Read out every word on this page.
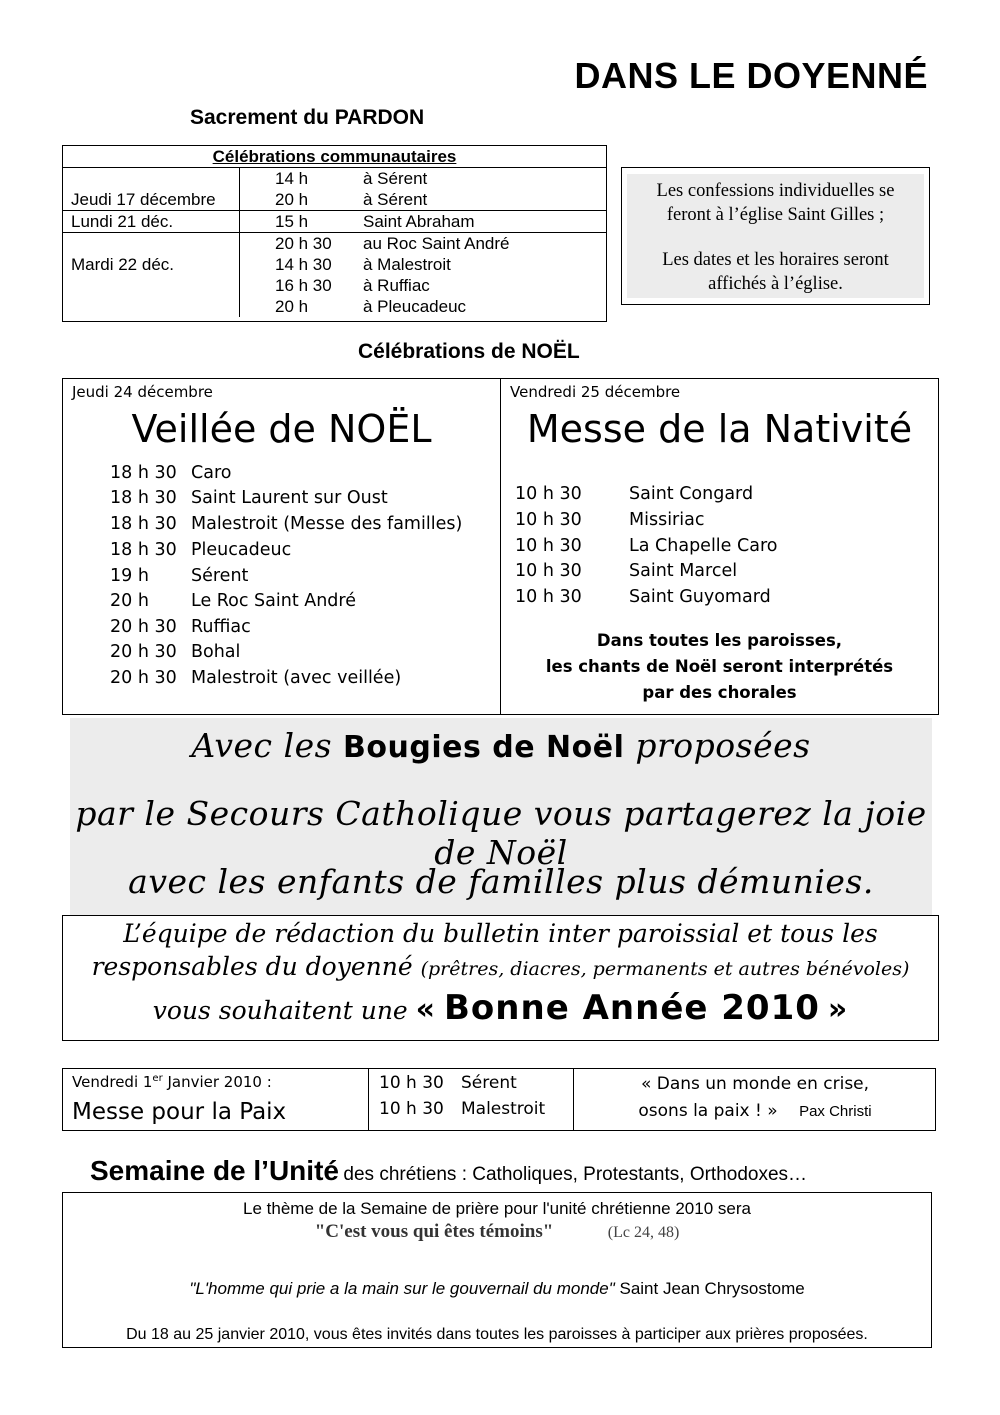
DANS LE DOYENNÉ
Sacrement du PARDON
Célébrations communautaires		
	14 h	à Sérent
Jeudi 17 décembre	20 h	à Sérent
Lundi 21 déc.	15 h	Saint Abraham
	20 h 30	au Roc Saint André
Mardi 22 déc.	14 h 30	à Malestroit
	16 h 30	à Ruffiac
	20 h	à Pleucadeuc
Les confessions individuelles se
feront à l’église Saint Gilles ;
Les dates et les horaires seront
affichés à l’église.
Célébrations de NOËL
Jeudi 24 décembre
Veillée de NOËL
18 h 30 Caro
18 h 30 Saint Laurent sur Oust
18 h 30 Malestroit (Messe des familles)
18 h 30 Pleucadeuc
19 h Sérent
20 h Le Roc Saint André
20 h 30 Ruffiac
20 h 30 Bohal
20 h 30 Malestroit (avec veillée)
Vendredi 25 décembre
Messe de la Nativité
10 h 30	Saint Congard
10 h 30	Missiriac
10 h 30	La Chapelle Caro
10 h 30	Saint Marcel
10 h 30	Saint Guyomard
Dans toutes les paroisses,
les chants de Noël seront interprétés
par des chorales
Avec les Bougies de Noël proposées
par le Secours Catholique vous partagerez la joie de Noël
avec les enfants de familles plus démunies.
L’équipe de rédaction du bulletin inter paroissial et tous les
responsables du doyenné (prêtres, diacres, permanents et autres bénévoles)
vous souhaitent une « Bonne Année 2010 »
Vendredi 1er Janvier 2010 :
Messe pour la Paix
10 h 30 Sérent
10 h 30 Malestroit
« Dans un monde en crise,
osons la paix ! » Pax Christi
Semaine de l’Unité des chrétiens : Catholiques, Protestants, Orthodoxes…
Le thème de la Semaine de prière pour l'unité chrétienne 2010 sera
"C'est vous qui êtes témoins"	(Lc 24, 48)
"L'homme qui prie a la main sur le gouvernail du monde" Saint Jean Chrysostome
Du 18 au 25 janvier 2010, vous êtes invités dans toutes les paroisses à participer aux prières proposées.
